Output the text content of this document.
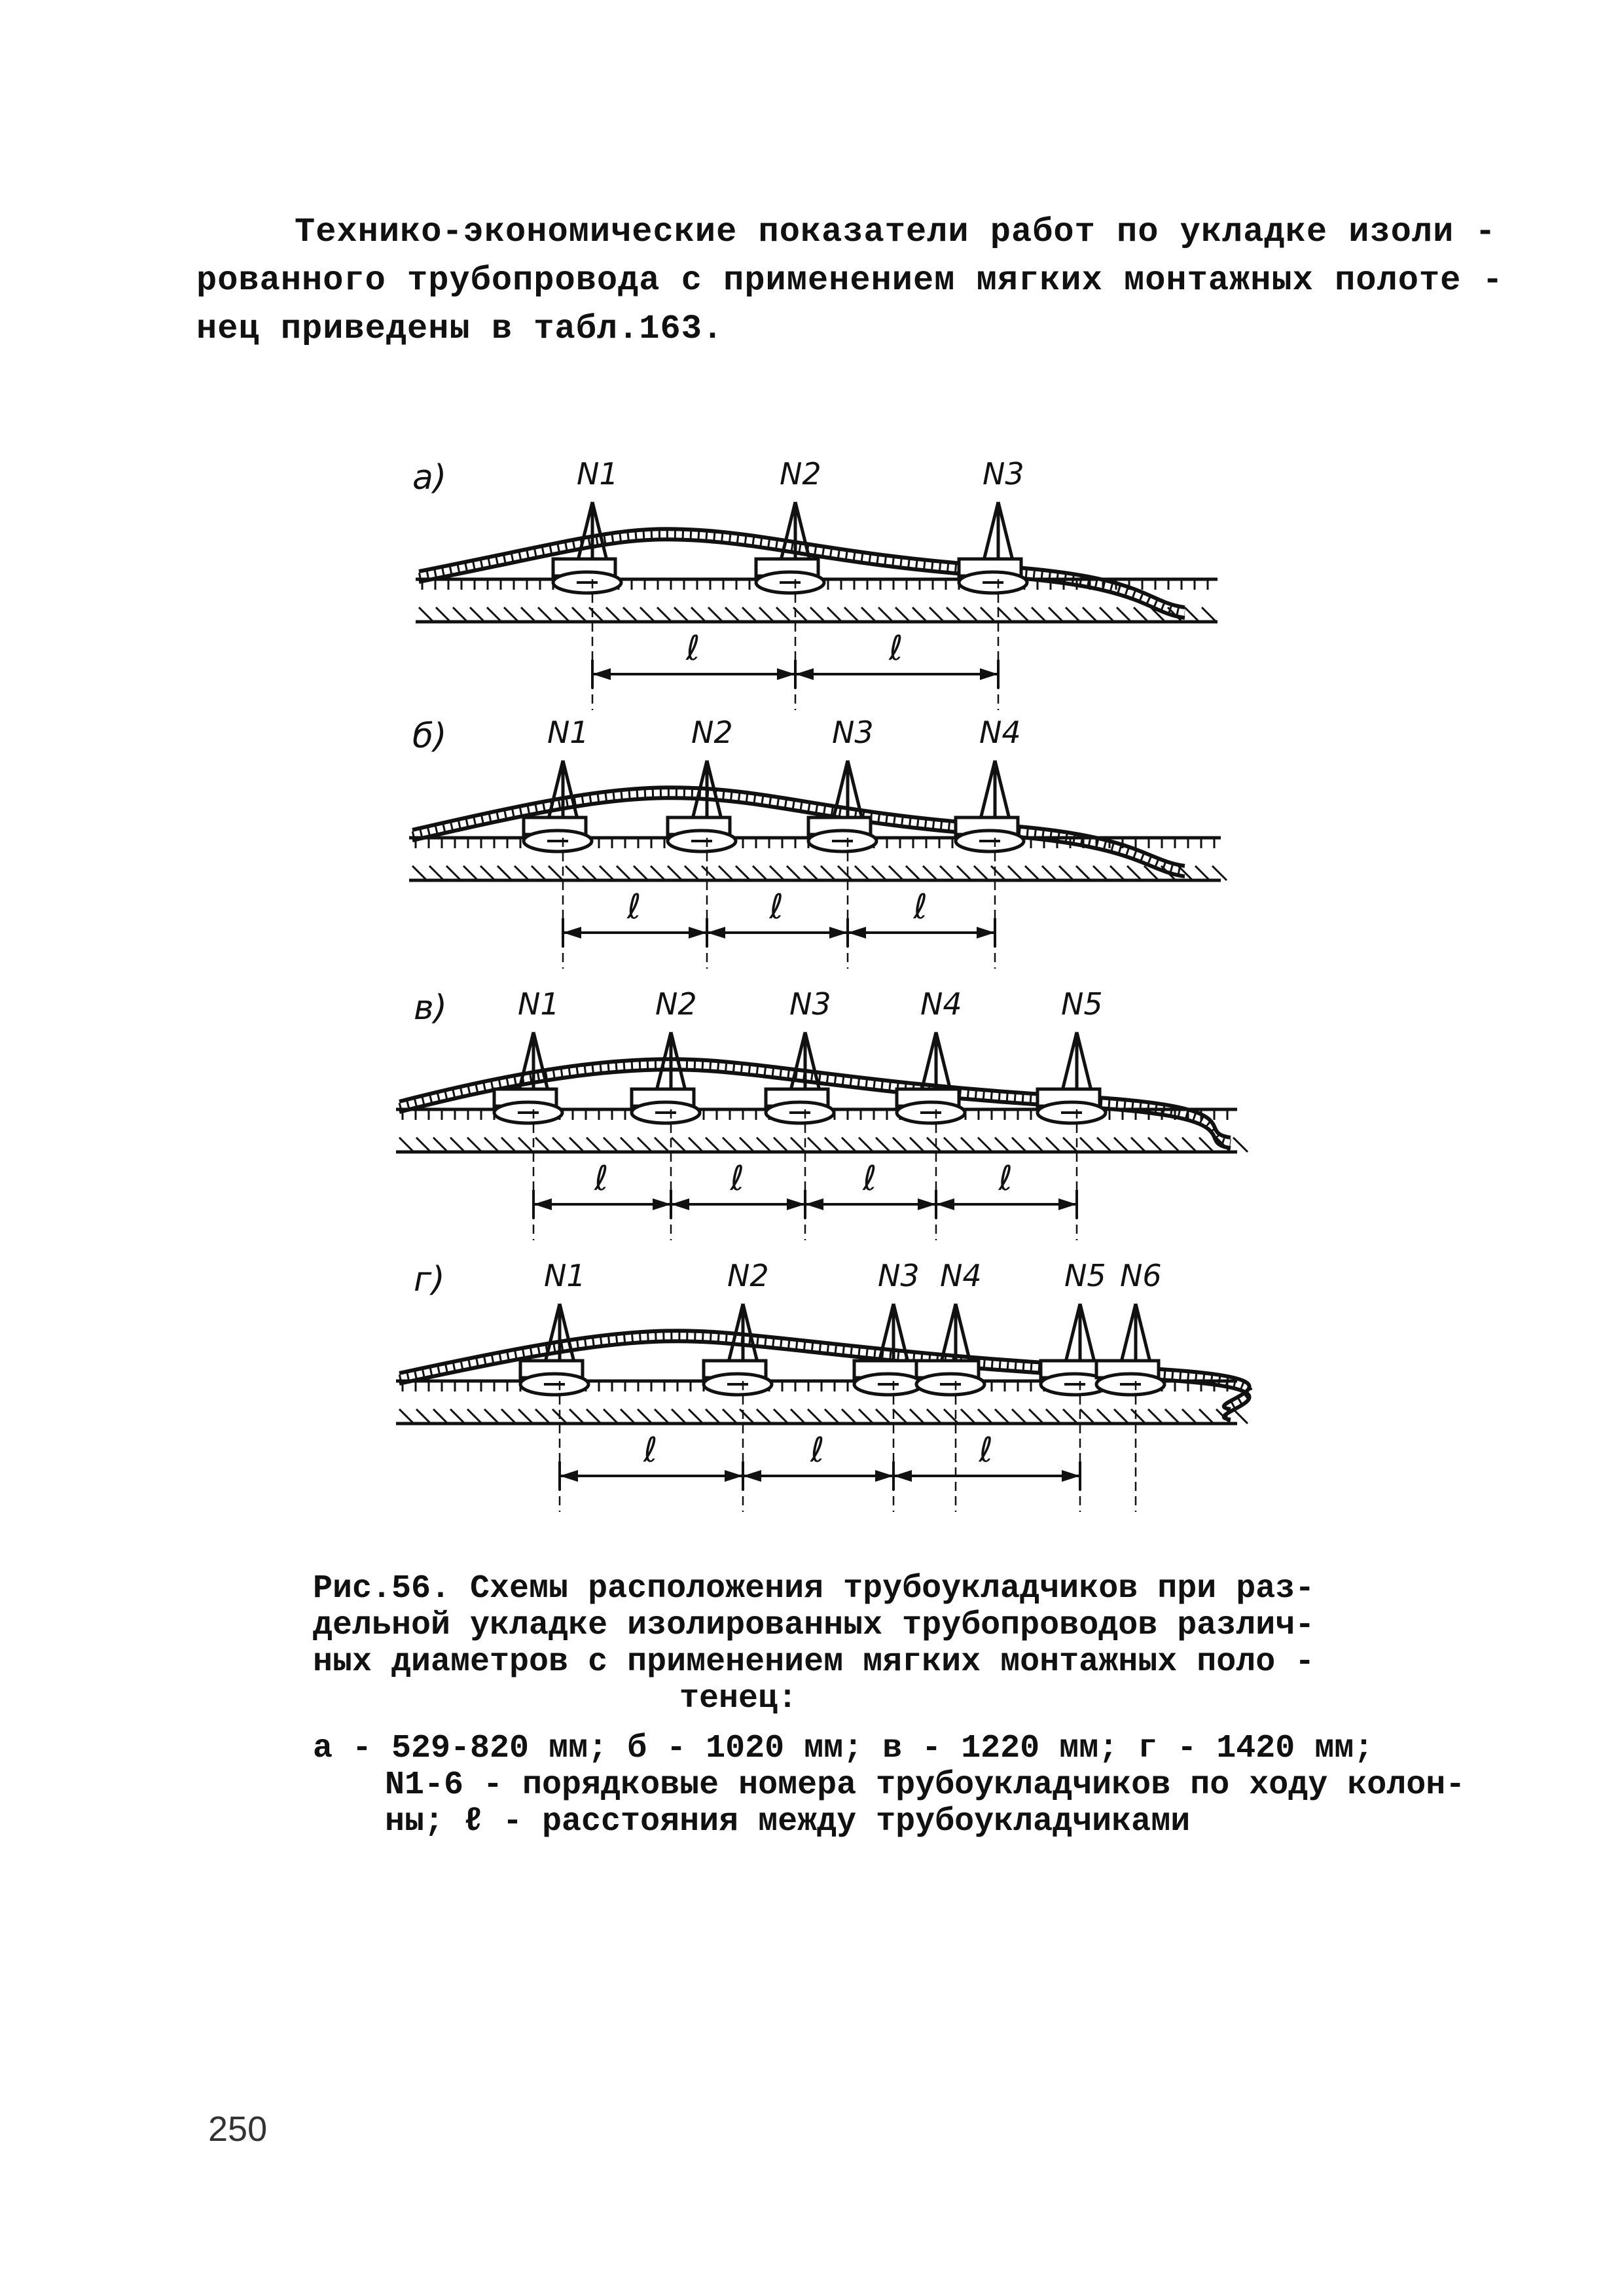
Технико-экономические показатели работ по укладке изоли -
рованного трубопровода с применением мягких монтажных полоте -
нец приведены в табл.163.
а)	N1	N2	N3
ℓ	ℓ
б)	N1	N2	N3	N4
ℓ	ℓ	ℓ
в) N1	N2	N3	N4	N5
ℓ	ℓ	ℓ	ℓ
г)	N1	N2	N3 N4	N5 N6
ℓ	ℓ	ℓ
Рис.56. Схемы расположения трубоукладчиков при раз-
дельной укладке изолированных трубопроводов различ-
ных диаметров с применением мягких монтажных поло -
тенец:
а - 529-820 мм; б - 1020 мм; в - 1220 мм; г - 1420 мм;
N1-6 - порядковые номера трубоукладчиков по ходу колон-
ны; ℓ - расстояния между трубоукладчиками
250
